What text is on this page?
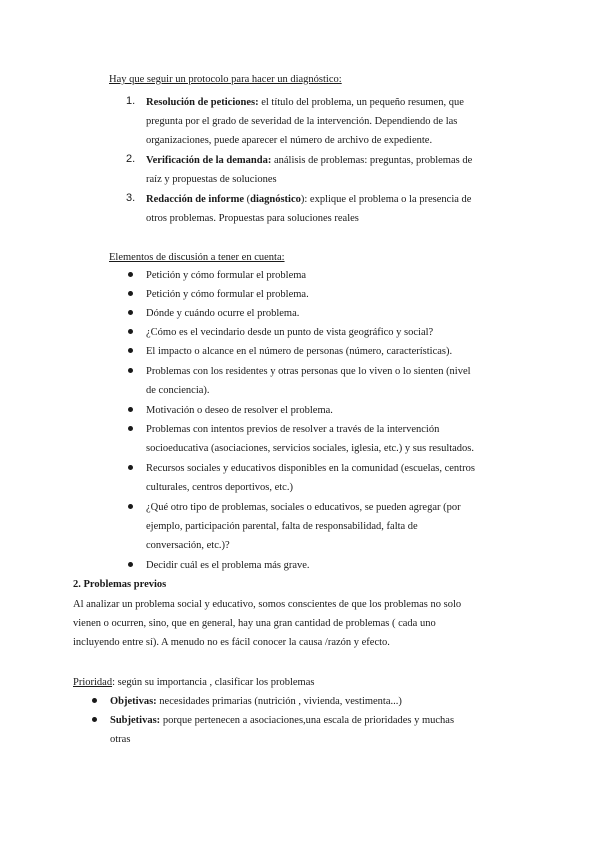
Hay que seguir un protocolo para hacer un diagnóstico:
1. Resolución de peticiones: el título del problema, un pequeño resumen, que
pregunta por el grado de severidad de la intervención. Dependiendo de las
organizaciones, puede aparecer el número de archivo de expediente.
2. Verificación de la demanda: análisis de problemas: preguntas, problemas de
raíz y propuestas de soluciones
3. Redacción de informe (diagnóstico): explique el problema o la presencia de
otros problemas. Propuestas para soluciones reales
Elementos de discusión a tener en cuenta:
Petición y cómo formular el problema
Petición y cómo formular el problema.
Dónde y cuándo ocurre el problema.
¿Cómo es el vecindario desde un punto de vista geográfico y social?
El impacto o alcance en el número de personas (número, características).
Problemas con los residentes y otras personas que lo viven o lo sienten (nivel
de conciencia).
Motivación o deseo de resolver el problema.
Problemas con intentos previos de resolver a través de la intervención
socioeducativa (asociaciones, servicios sociales, iglesia, etc.) y sus resultados.
Recursos sociales y educativos disponibles en la comunidad (escuelas, centros
culturales, centros deportivos, etc.)
¿Qué otro tipo de problemas, sociales o educativos, se pueden agregar (por
ejemplo, participación parental, falta de responsabilidad, falta de
conversación, etc.)?
Decidir cuál es el problema más grave.
2. Problemas previos
Al analizar un problema social y educativo, somos conscientes de que los problemas no solo
vienen o ocurren, sino, que en general, hay una gran cantidad de problemas ( cada uno
incluyendo entre sí). A menudo no es fácil conocer la causa /razón y efecto.
Prioridad: según su importancia , clasificar los problemas
Objetivas: necesidades primarias (nutrición , vivienda, vestimenta...)
Subjetivas: porque pertenecen a asociaciones,una escala de prioridades y muchas
otras
